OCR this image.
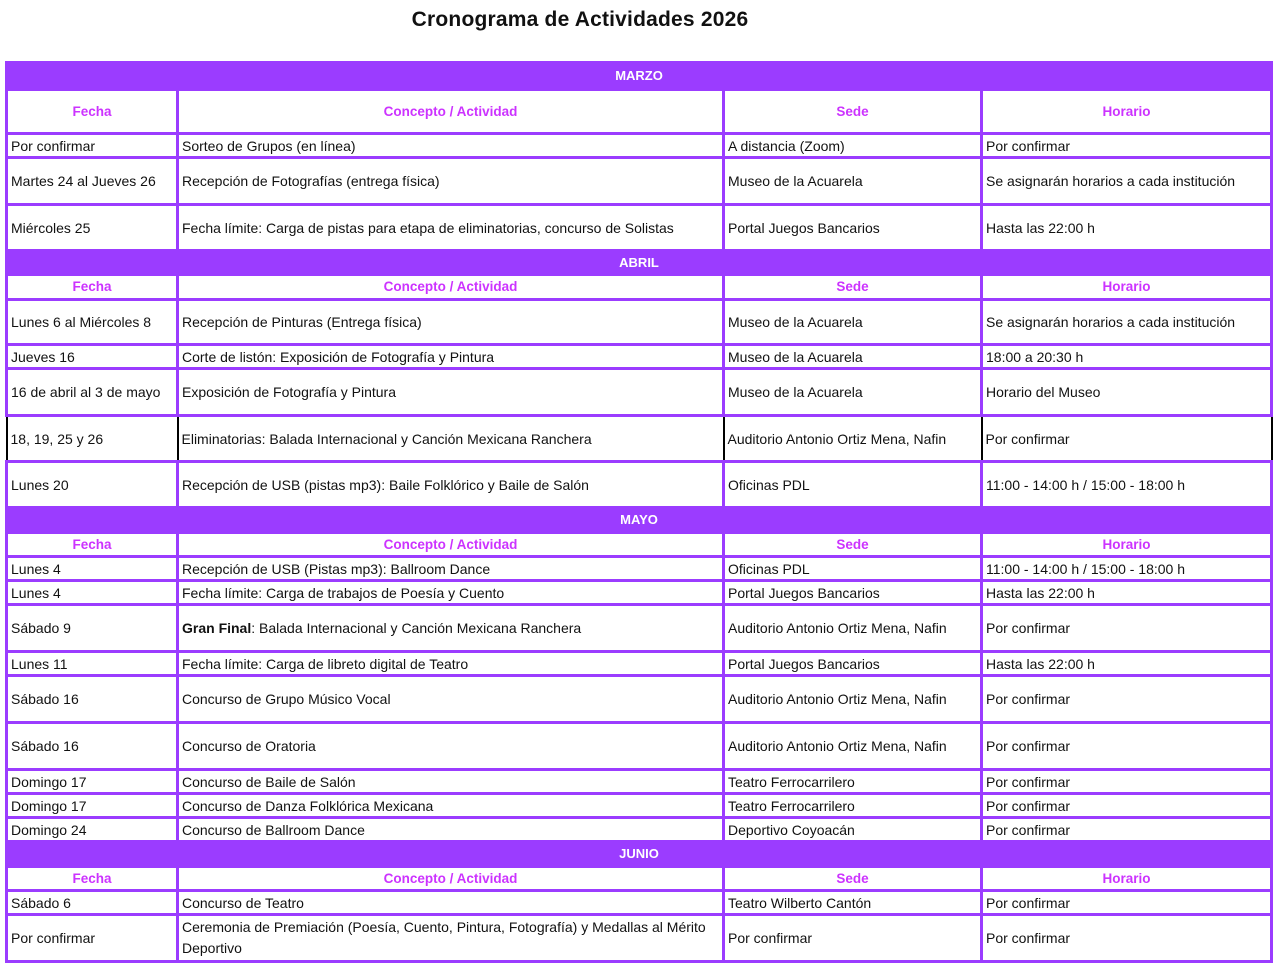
Cronograma de Actividades 2026
MARZO			
Fecha	Concepto / Actividad	Sede	Horario
Por confirmar	Sorteo de Grupos (en línea)	A distancia (Zoom)	Por confirmar
Martes 24 al Jueves 26	Recepción de Fotografías (entrega física)	Museo de la Acuarela	Se asignarán horarios a cada institución
Miércoles 25	Fecha límite: Carga de pistas para etapa de eliminatorias, concurso de Solistas	Portal Juegos Bancarios	Hasta las 22:00 h
ABRIL			
Fecha	Concepto / Actividad	Sede	Horario
Lunes 6 al Miércoles 8	Recepción de Pinturas (Entrega física)	Museo de la Acuarela	Se asignarán horarios a cada institución
Jueves 16	Corte de listón: Exposición de Fotografía y Pintura	Museo de la Acuarela	18:00 a 20:30 h
16 de abril al 3 de mayo	Exposición de Fotografía y Pintura	Museo de la Acuarela	Horario del Museo
18, 19, 25 y 26	Eliminatorias: Balada Internacional y Canción Mexicana Ranchera	Auditorio Antonio Ortiz Mena, Nafin	Por confirmar
Lunes 20	Recepción de USB (pistas mp3): Baile Folklórico y Baile de Salón	Oficinas PDL	11:00 - 14:00 h / 15:00 - 18:00 h
MAYO			
Fecha	Concepto / Actividad	Sede	Horario
Lunes 4	Recepción de USB (Pistas mp3): Ballroom Dance	Oficinas PDL	11:00 - 14:00 h / 15:00 - 18:00 h
Lunes 4	Fecha límite: Carga de trabajos de Poesía y Cuento	Portal Juegos Bancarios	Hasta las 22:00 h
Sábado 9	Gran Final: Balada Internacional y Canción Mexicana Ranchera	Auditorio Antonio Ortiz Mena, Nafin	Por confirmar
Lunes 11	Fecha límite: Carga de libreto digital de Teatro	Portal Juegos Bancarios	Hasta las 22:00 h
Sábado 16	Concurso de Grupo Músico Vocal	Auditorio Antonio Ortiz Mena, Nafin	Por confirmar
Sábado 16	Concurso de Oratoria	Auditorio Antonio Ortiz Mena, Nafin	Por confirmar
Domingo 17	Concurso de Baile de Salón	Teatro Ferrocarrilero	Por confirmar
Domingo 17	Concurso de Danza Folklórica Mexicana	Teatro Ferrocarrilero	Por confirmar
Domingo 24	Concurso de Ballroom Dance	Deportivo Coyoacán	Por confirmar
JUNIO			
Fecha	Concepto / Actividad	Sede	Horario
Sábado 6	Concurso de Teatro	Teatro Wilberto Cantón	Por confirmar
Por confirmar	Ceremonia de Premiación (Poesía, Cuento, Pintura, Fotografía) y Medallas al Mérito Deportivo	Por confirmar	Por confirmar
